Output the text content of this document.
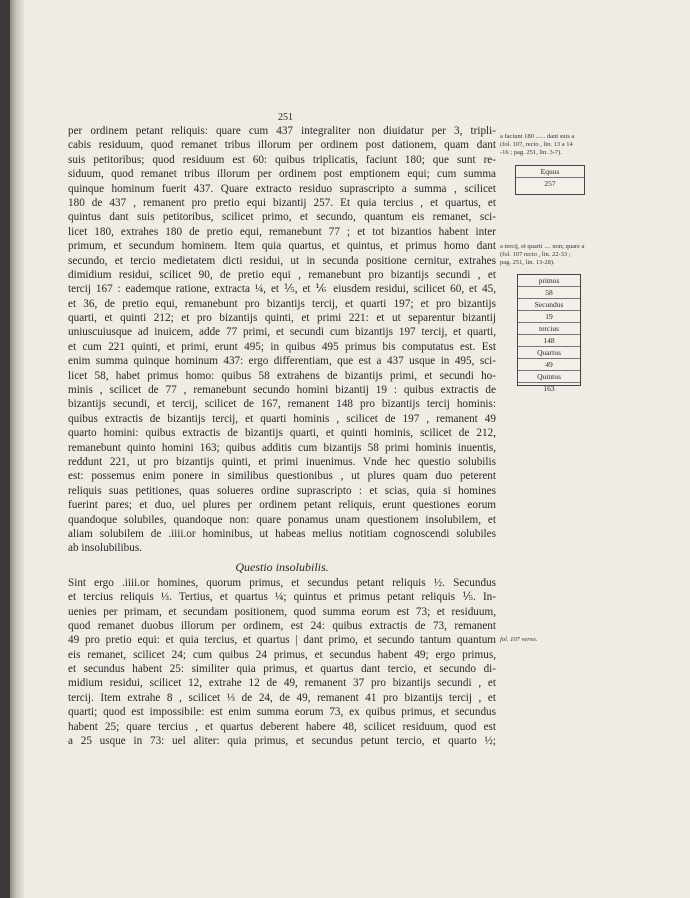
251
per ordinem petant reliquis: quare cum 437 integraliter non diuidatur per 3, tripli-
cabis residuum, quod remanet tribus illorum per ordinem post dationem, quam dant
suis petitoribus; quod residuum est 60: quibus triplicatis, faciunt 180; que sunt re-
siduum, quod remanet tribus illorum per ordinem post emptionem equi; cum summa
quinque hominum fuerit 437. Quare extracto residuo suprascripto a summa , scilicet
180 de 437 , remanent pro pretio equi bizantij 257. Et quia tercius , et quartus, et
quintus dant suis petitoribus, scilicet primo, et secundo, quantum eis remanet, sci-
licet 180, extrahes 180 de pretio equi, remanebunt 77 ; et tot bizantios habent inter
primum, et secundum hominem. Item quia quartus, et quintus, et primus homo dant
secundo, et tercio medietatem dicti residui, ut in secunda positione cernitur, extrahes
dimidium residui, scilicet 90, de pretio equi , remanebunt pro bizantijs secundi , et
tercij 167 : eademque ratione, extracta ¼, et ⅕, et ⅙ eiusdem residui, scilicet 60, et 45,
et 36, de pretio equi, remanebunt pro bizantijs tercij, et quarti 197; et pro bizantijs
quarti, et quinti 212; et pro bizantijs quinti, et primi 221: et ut separentur bizantij
uniuscuiusque ad inuicem, adde 77 primi, et secundi cum bizantijs 197 tercij, et quarti,
et cum 221 quinti, et primi, erunt 495; in quibus 495 primus bis computatus est. Est
enim summa quinque hominum 437: ergo differentiam, que est a 437 usque in 495, sci-
licet 58, habet primus homo: quibus 58 extrahens de bizantijs primi, et secundi ho-
minis , scilicet de 77 , remanebunt secundo homini bizantij 19 : quibus extractis de
bizantijs secundi, et tercij, scilicet de 167, remanent 148 pro bizantijs tercij hominis:
quibus extractis de bizantijs tercij, et quarti hominis , scilicet de 197 , remanent 49
quarto homini: quibus extractis de bizantijs quarti, et quinti hominis, scilicet de 212,
remanebunt quinto homini 163; quibus additis cum bizantijs 58 primi hominis inuentis,
reddunt 221, ut pro bizantijs quinti, et primi inuenimus. Vnde hec questio solubilis
est: possemus enim ponere in similibus questionibus , ut plures quam duo peterent
reliquis suas petitiones, quas solueres ordine suprascripto : et scias, quia si homines
fuerint pares; et duo, uel plures per ordinem petant reliquis, erunt questiones eorum
quandoque solubiles, quandoque non: quare ponamus unam questionem insolubilem, et
aliam solubilem de .iiii.or hominibus, ut habeas melius notitiam cognoscendi solubiles
ab insolubilibus.
Questio insolubilis.
Sint ergo .iiii.or homines, quorum primus, et secundus petant reliquis ½. Secundus
et tercius reliquis ⅓. Tertius, et quartus ¼; quintus et primus petant reliquis ⅕. In-
uenies per primam, et secundam positionem, quod summa eorum est 73; et residuum,
quod remanet duobus illorum per ordinem, est 24: quibus extractis de 73, remanent
49 pro pretio equi: et quia tercius, et quartus | dant primo, et secundo tantum quantum
eis remanet, scilicet 24; cum quibus 24 primus, et secundus habent 49; ergo primus,
et secundus habent 25: similiter quia primus, et quartus dant tercio, et secundo di-
midium residui, scilicet 12, extrahe 12 de 49, remanent 37 pro bizantijs secundi , et
tercij. Item extrahe 8 , scilicet ⅓ de 24, de 49, remanent 41 pro bizantijs tercij , et
quarti; quod est impossibile: est enim summa eorum 73, ex quibus primus, et secundus
habent 25; quare tercius , et quartus deberent habere 48, scilicet residuum, quod est
a 25 usque in 73: uel aliter: quia primus, et secundus petunt tercio, et quarto ½;
a faciunt 180 ...... dant suis a
(fol. 107, recto , lin. 13 a 14
-16 ; pag. 251, lin. 3-7).
Equus
257
a tercij, et quarti .... non; quare a
(fol. 107 recto , lin. 22-33 ;
pag. 251, lin. 13-28).
primus
58
Secundus
19
tercius
148
Quartus
49
Quintus
163
fol. 107 verso.
